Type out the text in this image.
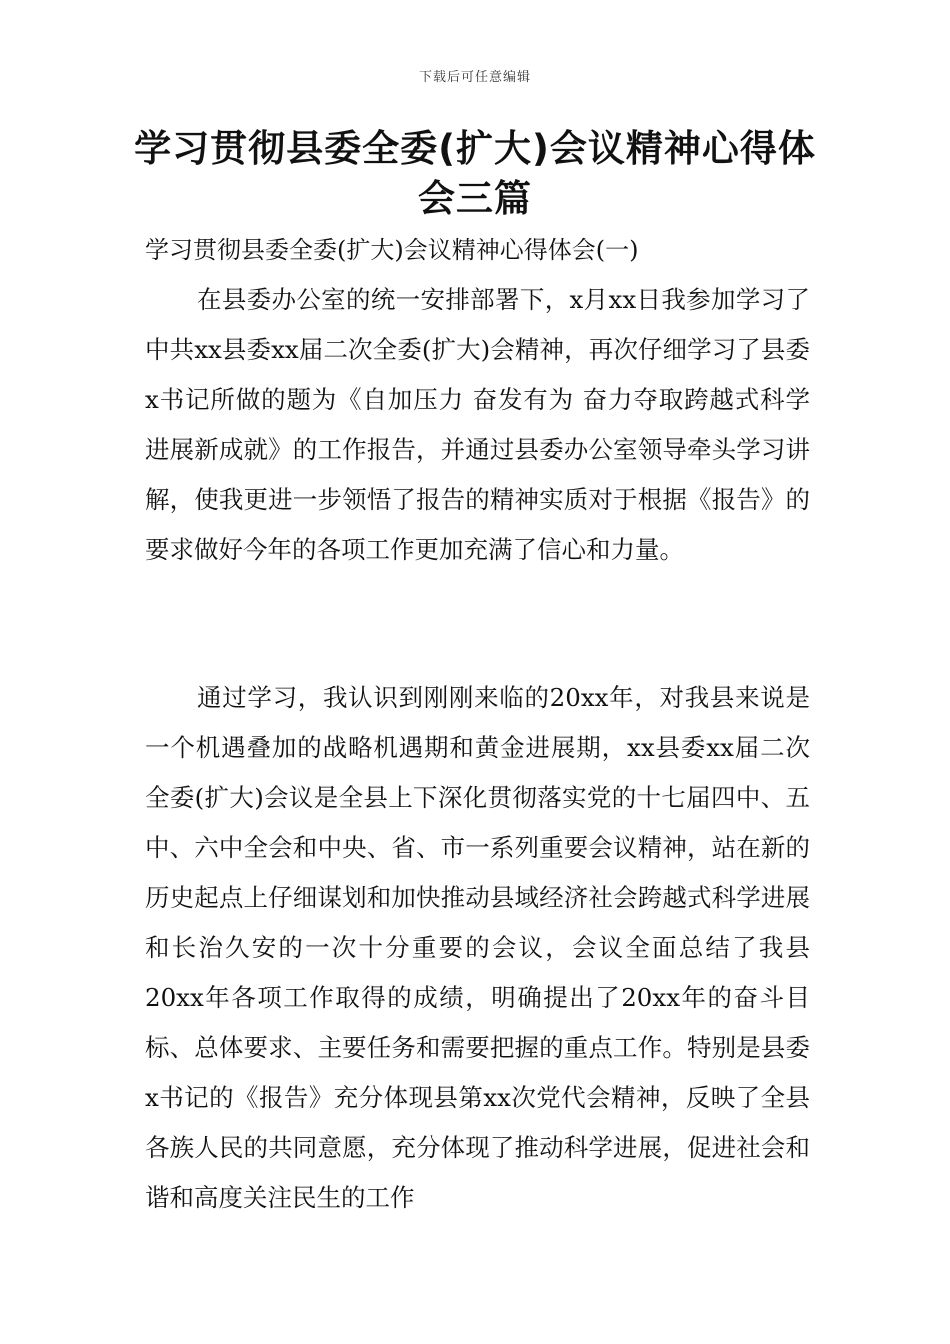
下载后可任意编辑
学习贯彻县委全委(扩大)会议精神心得体会三篇
学习贯彻县委全委(扩大)会议精神心得体会(一)

在县委办公室的统一安排部署下，x月xx日我参加学习了中共xx县委xx届二次全委(扩大)会精神，再次仔细学习了县委x书记所做的题为《自加压力 奋发有为 奋力夺取跨越式科学进展新成就》的工作报告，并通过县委办公室领导牵头学习讲解，使我更进一步领悟了报告的精神实质对于根据《报告》的要求做好今年的各项工作更加充满了信心和力量。

通过学习，我认识到刚刚来临的20xx年，对我县来说是一个机遇叠加的战略机遇期和黄金进展期，xx县委xx届二次全委(扩大)会议是全县上下深化贯彻落实党的十七届四中、五中、六中全会和中央、省、市一系列重要会议精神，站在新的历史起点上仔细谋划和加快推动县域经济社会跨越式科学进展和长治久安的一次十分重要的会议，会议全面总结了我县20xx年各项工作取得的成绩，明确提出了20xx年的奋斗目标、总体要求、主要任务和需要把握的重点工作。特别是县委x书记的《报告》充分体现县第xx次党代会精神，反映了全县各族人民的共同意愿，充分体现了推动科学进展，促进社会和谐和高度关注民生的工作
